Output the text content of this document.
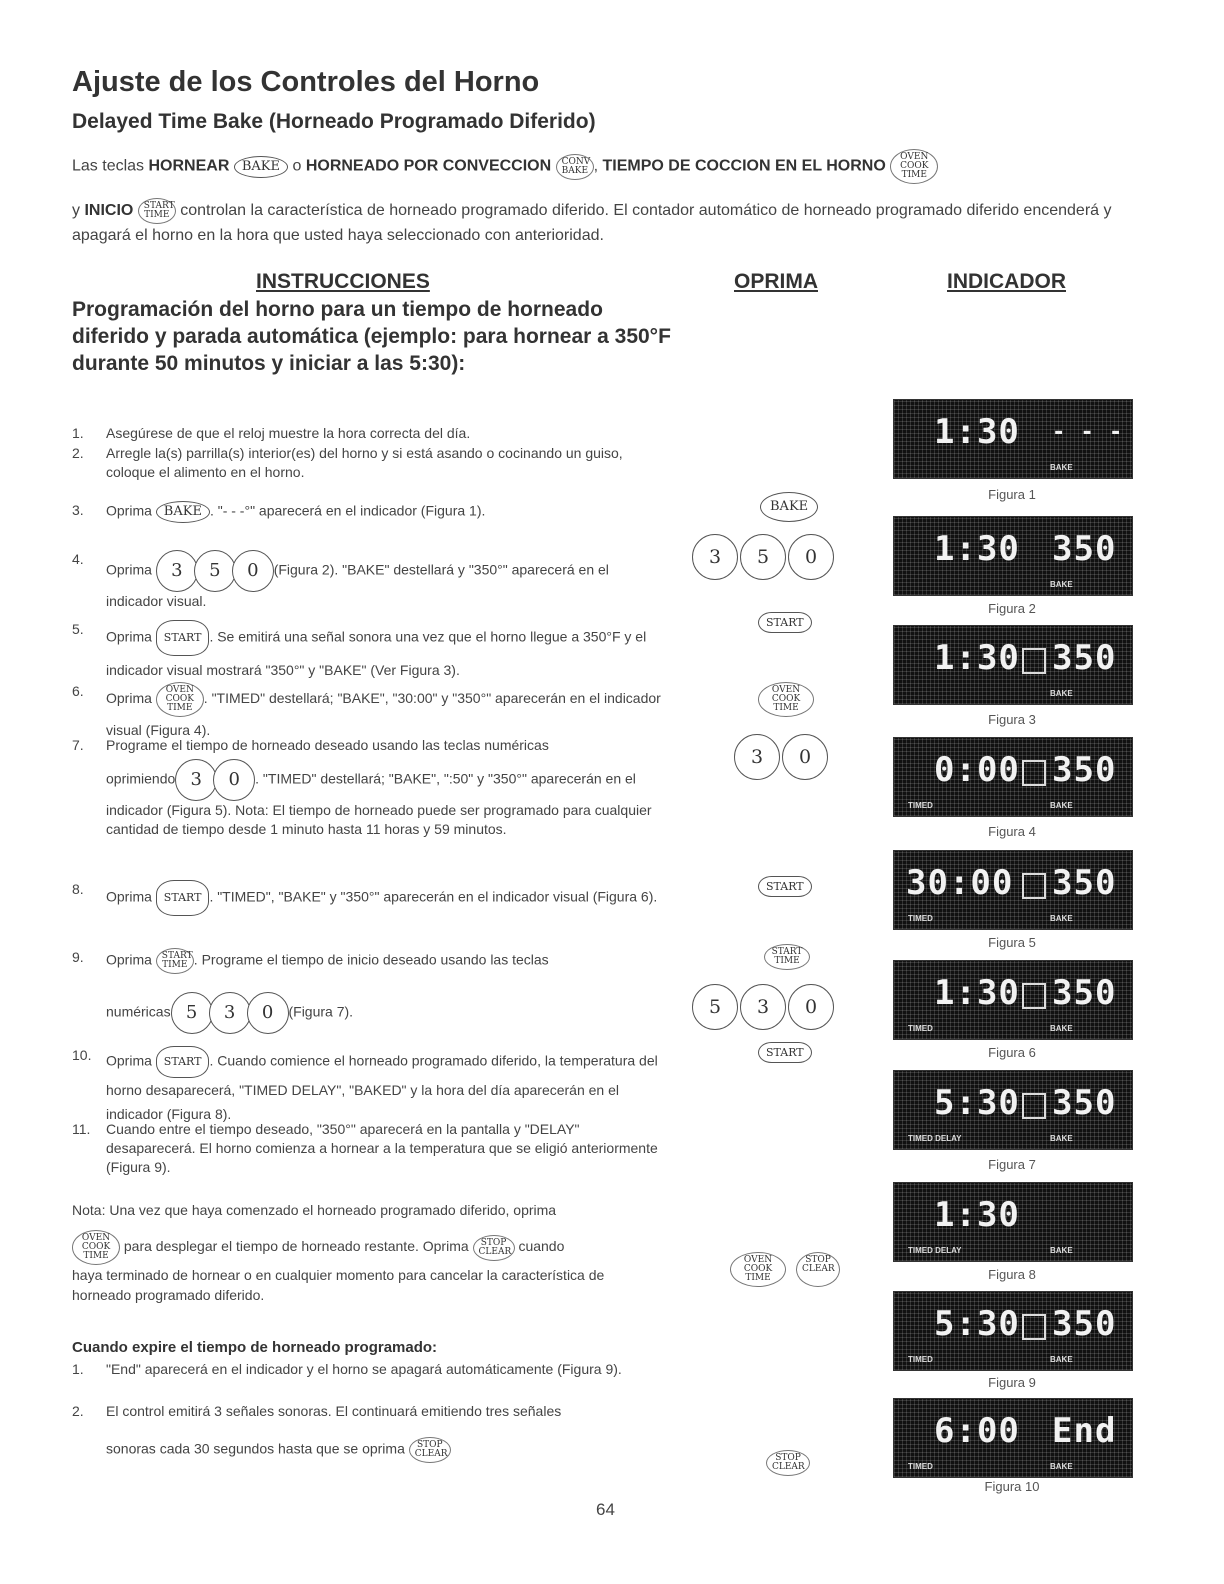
Ajuste de los Controles del Horno
Delayed Time Bake (Horneado Programado Diferido)
Las teclas HORNEAR BAKE o HORNEADO POR CONVECCION CONV BAKE , TIEMPO DE COCCION EN EL HORNO OVEN COOK TIME

y INICIO START TIME controlan la característica de horneado programado diferido. El contador automático de horneado programado diferido encenderá y apagará el horno en la hora que usted haya seleccionado con anterioridad.
INSTRUCCIONES	OPRIMA	INDICADOR
Programación del horno para un tiempo de horneado diferido y parada automática (ejemplo: para hornear a 350°F durante 50 minutos y iniciar a las 5:30):
1. Asegúrese de que el reloj muestre la hora correcta del día.
2. Arregle la(s) parrilla(s) interior(es) del horno y si está asando o cocinando un guiso, coloque el alimento en el horno.
3. Oprima BAKE . "- - -°" aparecerá en el indicador (Figura 1).
4.
Oprima 3 5 0 (Figura 2). "BAKE" destellará y "350°" aparecerá en el indicador visual.
5. Oprima START . Se emitirá una señal sonora una vez que el horno llegue a 350°F y el indicador visual mostrará "350°" y "BAKE" (Ver Figura 3).
6. Oprima OVEN COOK TIME. "TIMED" destellará; "BAKE", "30:00" y "350°" aparecerán en el indicador visual (Figura 4).
7. Programe el tiempo de horneado deseado usando las teclas numéricas
oprimiendo 3 0 . "TIMED" destellará; "BAKE", ":50" y "350°" aparecerán en el indicador (Figura 5). Nota: El tiempo de horneado puede ser programado para cualquier cantidad de tiempo desde 1 minuto hasta 11 horas y 59 minutos.
8. Oprima START . "TIMED", "BAKE" y "350°" aparecerán en el indicador visual (Figura 6).
9. Oprima START TIME . Programe el tiempo de inicio deseado usando las teclas
numéricas 5 3 0 (Figura 7).
10. Oprima START . Cuando comience el horneado programado diferido, la temperatura del horno desaparecerá, "TIMED DELAY", "BAKED" y la hora del día aparecerán en el indicador (Figura 8).
11. Cuando entre el tiempo deseado, "350°" aparecerá en la pantalla y "DELAY" desaparecerá. El horno comienza a hornear a la temperatura que se eligió anteriormente (Figura 9).
Nota: Una vez que haya comenzado el horneado programado diferido, oprima
OVEN COOK TIME para desplegar el tiempo de horneado restante. Oprima STOP CLEAR cuando
haya terminado de hornear o en cualquier momento para cancelar la característica de horneado programado diferido.
Cuando expire el tiempo de horneado programado:
1. "End" aparecerá en el indicador y el horno se apagará automáticamente (Figura 9).
2. El control emitirá 3 señales sonoras. El continuará emitiendo tres señales
sonoras cada 30 segundos hasta que se oprima STOP CLEAR
BAKE
3	5	0
START
OVEN COOK TIME
3	0
START
START TIME
5	3	0
START
OVEN COOK TIME
STOP CLEAR
STOP CLEAR
1:30 - - -
BAKE
Figura 1
1:30 350
BAKE
Figura 2
1:30 350
BAKE
Figura 3
0:00 350
TIMED	BAKE
Figura 4
30:00 350
TIMED	BAKE
Figura 5
1:30 350
TIMED	BAKE
Figura 6
5:30 350
TIMED DELAY	BAKE
Figura 7
1:30
TIMED DELAY	BAKE
Figura 8
5:30 350
TIMED	BAKE
Figura 9
6:00 End
TIMED	BAKE
Figura 10
64
